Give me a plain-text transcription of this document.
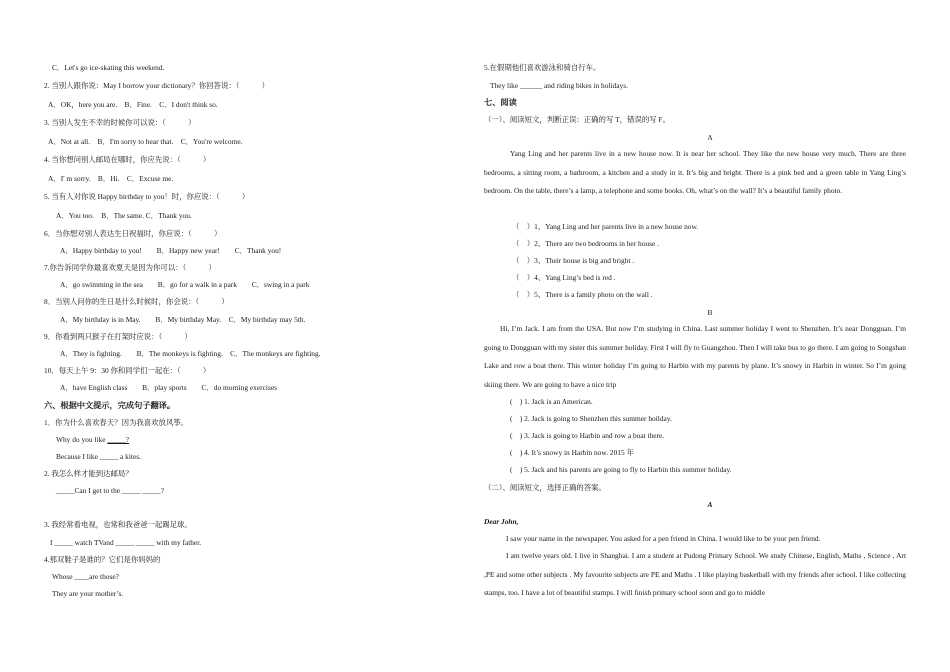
C．Let's go ice-skating this weekend.
2. 当别人跟你说：May I borrow your dictionary？你回答说：（　　　）
A．OK，here you are.　B．Fine.　C．I don't think so.
3. 当别人发生不幸的时候你可以说：（　　　）
A．Not at all.　B．I'm sorry to hear that.　C．You're welcome.
4. 当你想问别人邮局在哪时，你应先说：（　　　）
A．I' m sorry.　B．Hi.　C．Excuse me.
5. 当有人对你说 Happy birthday to you！时，你应说：（　　　）
A．You too.　B．The same. C．Thank you.
6．当你想对别人表达生日祝福时，你应说：（　　　）
A．Happy birthday to you!　　B．Happy new year!　　C．Thank you!
7.你告诉同学你最喜欢夏天是因为你可以：（　　　）
A．go swimming in the sea　　B．go for a walk in a park　　C．swing in a park
8．当别人问你的生日是什么时候时，你会说：（　　　）
A．My birthday is in May.　　B．My birthday May.　C．My birthday may 5th.
9．你看到两只猴子在打架时应说：（　　　）
A．They is fighting.　　B．The monkeys is fighting.　C．The monkeys are fighting.
10．每天上午 9：30 你和同学们一起在：（　　　）
A．have English class　　B．play sports　　C．do morning exercises
六、根据中文提示，完成句子翻译。
1．你为什么喜欢春天？因为我喜欢放风筝。
Why do you like _____?
Because I like _____ a kites.
2. 我怎么样才能到达邮局？
_____Can I get to the _____ _____?
3. 我经常看电视，也常和我爸爸一起踢足球。
I _____ watch TVand _____ _____ with my father.
4.那双鞋子是谁的？它们是你妈妈的
Whose ____are those?
They are your mother’s.
5.在假期他们喜欢游泳和骑自行车。
They like ______ and riding bikes in holidays.
七、阅读
（一）、阅读短文，判断正误：正确的写 T，错误的写 F。
A
Yang Ling and her parents live in a new house now. It is near her school. They like the new house very much. There are three bedrooms, a sitting room, a bathroom, a kitchen and a study in it. It’s big and bright. There is a pink bed and a green table in Yang Ling’s bedroom. On the table, there’s a lamp, a telephone and some books. Oh, what’s on the wall? It’s a beautiful family photo.
（　）1、Yang Ling and her parents live in a new house now.
（　）2、There are two bedrooms in her house .
（　）3、Their house is big and bright .
（　）4、Yang Ling’s bed is red .
（　）5、There is a family photo on the wall .
B
Hi, I’m Jack. I am from the USA. But now I’m studying in China. Last summer holiday I went to Shenzhen. It’s near Dongguan. I’m going to Dongguan with my sister this summer holiday. First I will fly to Guangzhou. Then I will take bus to go there. I am going to Songshan Lake and row a boat there. This winter holiday I’m going to Harbin with my parents by plane. It’s snowy in Harbin in winter. So I’m going skiing there. We are going to have a nice trip
(　) 1. Jack is an American.
(　) 2. Jack is going to Shenzhen this summer hoilday.
(　) 3. Jack is going to Harbin and row a boat there.
(　) 4. It’s snowy in Harbin now. 2015 年
(　) 5. Jack and his parents are going to fly to Harbin this summer holiday.
（二）、阅读短文，选择正确的答案。
A
Dear John,
I saw your name in the newspaper. You asked for a pen friend in China. I would like to be your pen friend.
I am twelve years old. I live in Shanghai. I am a student at Pudong Primary School. We study Chinese, English, Maths , Science , Art ,PE and some other subjects . My favourite subjects are PE and Maths . I like playing basketball with my friends after school. I like collecting stamps, too. I have a lot of beautiful stamps. I will finish primary school soon and go to middle
